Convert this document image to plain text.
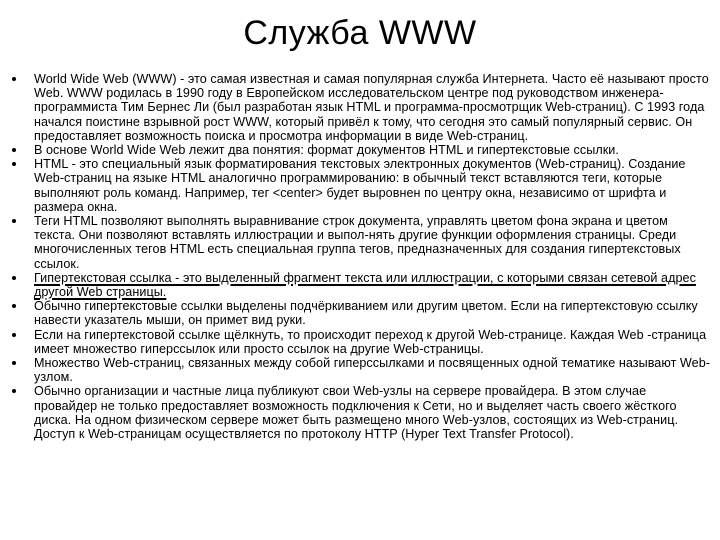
Служба WWW
World Wide Web (WWW) - это самая известная и самая популярная служба Интернета. Часто её называют просто Web. WWW родилась в 1990 году в Европейском исследовательском центре под руководством инженера-программиста Тим Бернес Ли (был разработан язык HTML и программа-просмотрщик Web-страниц). С 1993 года начался поистине взрывной рост WWW, который привёл к тому, что сегодня это самый популярный сервис. Он предоставляет возможность поиска и просмотра информации в виде Web-страниц.
В основе World Wide Web лежит два понятия: формат документов HTML и гипертекстовые ссылки.
HTML - это специальный язык форматирования текстовых электронных документов (Web-страниц). Создание Web-страниц на языке HTML аналогично программированию: в обычный текст вставляются теги, которые выполняют роль команд. Например, тег <center> будет выровнен по центру окна, независимо от шрифта и размера окна.
Теги HTML позволяют выполнять выравнивание строк документа, управлять цветом фона экрана и цветом текста. Они позволяют вставлять иллюстрации и выпол-нять другие функции оформления страницы. Среди многочисленных тегов HTML есть специальная группа тегов, предназначенных для создания гипертекстовых ссылок.
Гипертекстовая ссылка - это выделенный фрагмент текста или иллюстрации, с которыми связан сетевой адрес другой Web страницы.
Обычно гипертекстовые ссылки выделены подчёркиванием или другим цветом. Если на гипертекстовую ссылку навести указатель мыши, он примет вид руки.
Если на гипертекстовой ссылке щёлкнуть, то происходит переход к другой Web-странице. Каждая Web -страница имеет множество гиперссылок или просто ссылок на другие Web-страницы.
Множество Web-страниц, связанных между собой гиперссылками и посвященных одной тематике называют Web-узлом.
Обычно организации и частные лица публикуют свои Web-узлы на сервере провайдера. В этом случае провайдер не только предоставляет возможность подключения к Сети, но и выделяет часть своего жёсткого диска. На одном физическом сервере может быть размещено много Web-узлов, состоящих из Web-страниц. Доступ к Web-страницам осуществляется по протоколу HTTP (Hyper Text Transfer Protocol).
